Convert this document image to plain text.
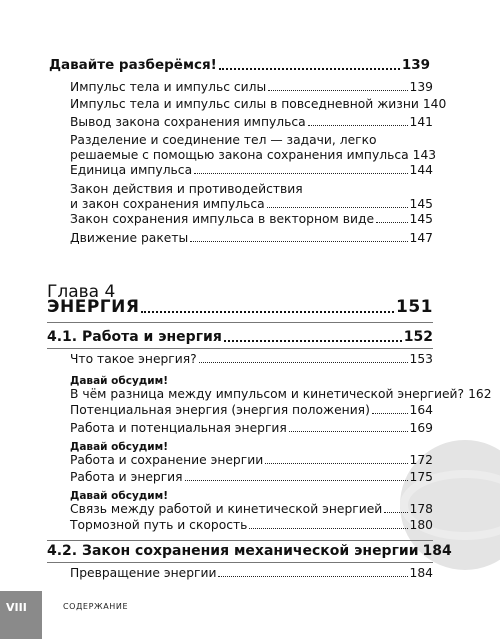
Давайте разберёмся!	139
Импульс тела и импульс силы	139
Импульс тела и импульс силы в повседневной жизни 140
Вывод закона сохранения импульса	141
Разделение и соединение тел — задачи, легко
решаемые с помощью закона сохранения импульса 143
Единица импульса	144
Закон действия и противодействия
и закон сохранения импульса	145
Закон сохранения импульса в векторном виде	145
Движение ракеты	147
Глава 4
ЭНЕРГИЯ	151
4.1. Работа и энергия	152
Что такое энергия?	153
Давай обсудим!
В чём разница между импульсом и кинетической энергией? 162
Потенциальная энергия (энергия положения)	164
Работа и потенциальная энергия	169
Давай обсудим!
Работа и сохранение энергии	172
Работа и энергия	175
Давай обсудим!
Связь между работой и кинетической энергией 178
Тормозной путь и скорость	180
4.2. Закон сохранения механической энергии 184
Превращение энергии	184
VIII	СОДЕРЖАНИЕ
